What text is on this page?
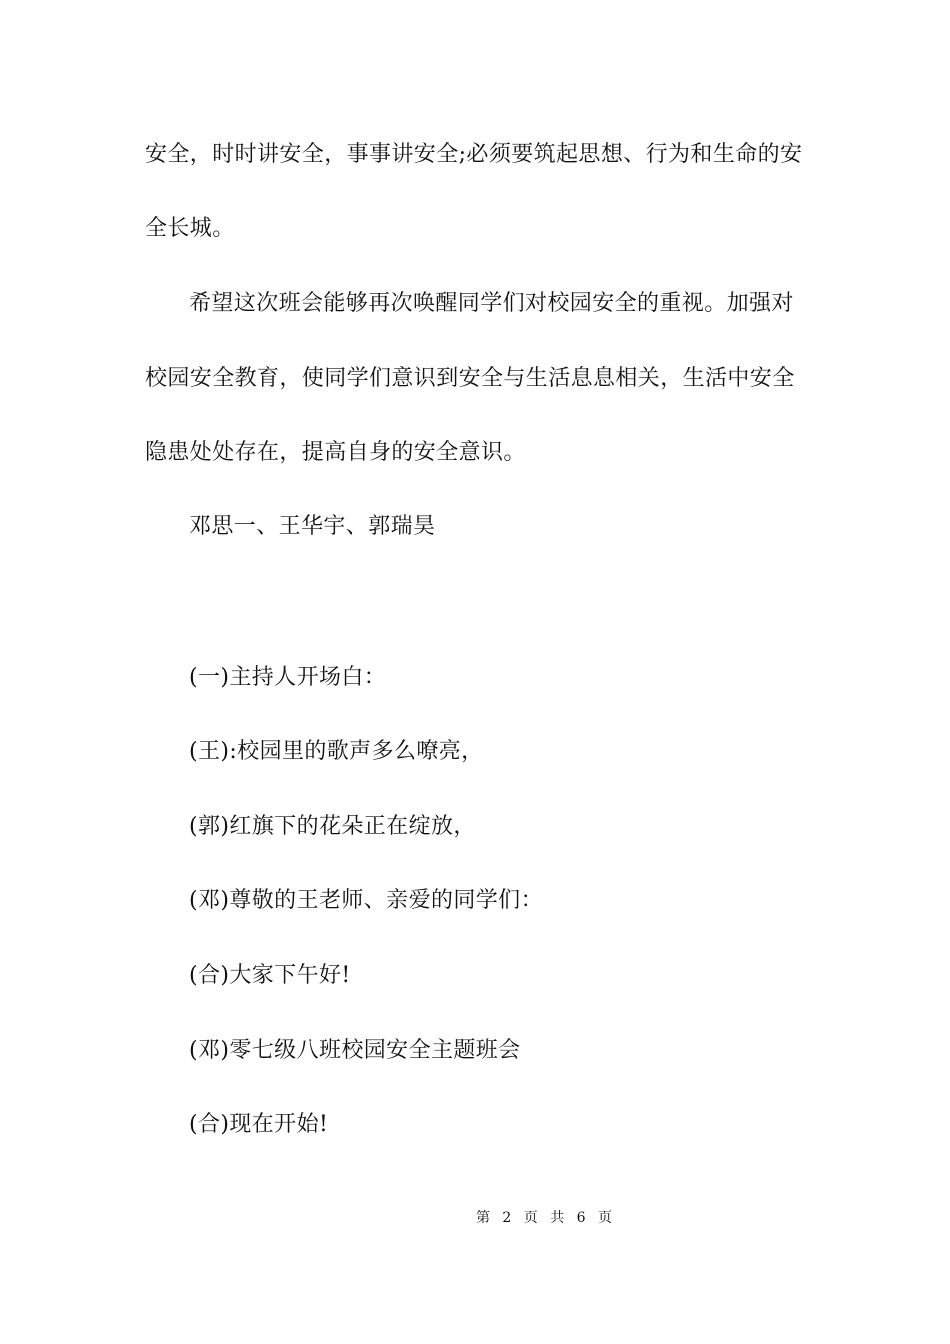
安全，时时讲安全，事事讲安全;必须要筑起思想、行为和生命的安
全长城。
希望这次班会能够再次唤醒同学们对校园安全的重视。加强对
校园安全教育，使同学们意识到安全与生活息息相关，生活中安全
隐患处处存在，提高自身的安全意识。
邓思一、王华宇、郭瑞昊
(一)主持人开场白：
(王):校园里的歌声多么嘹亮，
(郭)红旗下的花朵正在绽放，
(邓)尊敬的王老师、亲爱的同学们：
(合)大家下午好!
(邓)零七级八班校园安全主题班会
(合)现在开始!
第 2 页 共 6 页
